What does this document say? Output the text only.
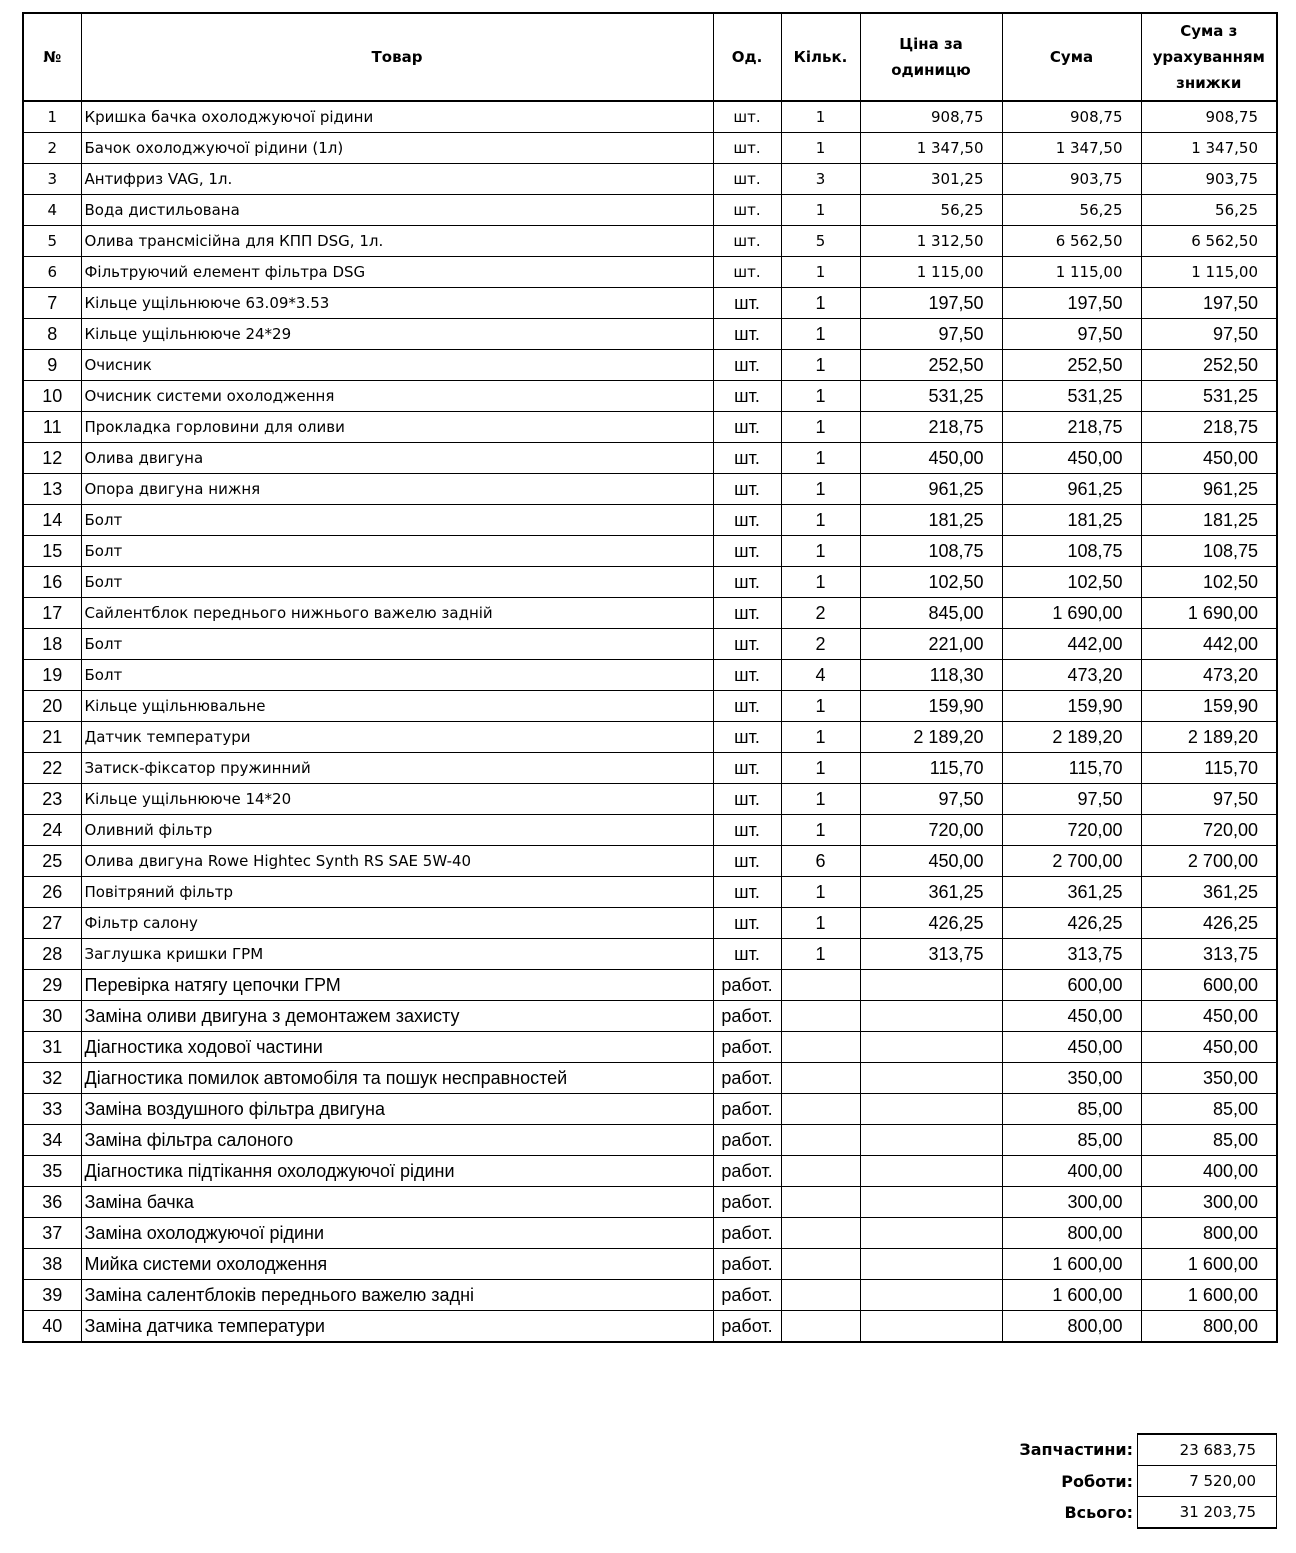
№	Товар	Од.	Кільк.	Ціна за одиницю	Сума	Сума з урахуванням знижки
1	Кришка бачка охолоджуючої рідини	шт.	1	908,75	908,75	908,75
2	Бачок охолоджуючої рідини (1л)	шт.	1	1 347,50	1 347,50	1 347,50
3	Антифриз VAG, 1л.	шт.	3	301,25	903,75	903,75
4	Вода дистильована	шт.	1	56,25	56,25	56,25
5	Олива трансмісійна для КПП DSG, 1л.	шт.	5	1 312,50	6 562,50	6 562,50
6	Фільтруючий елемент фільтра DSG	шт.	1	1 115,00	1 115,00	1 115,00
7	Кільце ущільнююче 63.09*3.53	шт.	1	197,50	197,50	197,50
8	Кільце ущільнююче 24*29	шт.	1	97,50	97,50	97,50
9	Очисник	шт.	1	252,50	252,50	252,50
10	Очисник системи охолодження	шт.	1	531,25	531,25	531,25
11	Прокладка горловини для оливи	шт.	1	218,75	218,75	218,75
12	Олива двигуна	шт.	1	450,00	450,00	450,00
13	Опора двигуна нижня	шт.	1	961,25	961,25	961,25
14	Болт	шт.	1	181,25	181,25	181,25
15	Болт	шт.	1	108,75	108,75	108,75
16	Болт	шт.	1	102,50	102,50	102,50
17	Сайлентблок переднього нижнього важелю задній	шт.	2	845,00	1 690,00	1 690,00
18	Болт	шт.	2	221,00	442,00	442,00
19	Болт	шт.	4	118,30	473,20	473,20
20	Кільце ущільнювальне	шт.	1	159,90	159,90	159,90
21	Датчик температури	шт.	1	2 189,20	2 189,20	2 189,20
22	Затиск-фіксатор пружинний	шт.	1	115,70	115,70	115,70
23	Кільце ущільнююче 14*20	шт.	1	97,50	97,50	97,50
24	Оливний фільтр	шт.	1	720,00	720,00	720,00
25	Олива двигуна Rowe Hightec Synth RS SAE 5W-40	шт.	6	450,00	2 700,00	2 700,00
26	Повітряний фільтр	шт.	1	361,25	361,25	361,25
27	Фільтр салону	шт.	1	426,25	426,25	426,25
28	Заглушка кришки ГРМ	шт.	1	313,75	313,75	313,75
29	Перевірка натягу цепочки ГРМ	работ.			600,00	600,00
30	Заміна оливи двигуна з демонтажем захисту	работ.			450,00	450,00
31	Діагностика ходової частини	работ.			450,00	450,00
32	Діагностика помилок автомобіля та пошук несправностей	работ.			350,00	350,00
33	Заміна воздушного фільтра двигуна	работ.			85,00	85,00
34	Заміна фільтра салоного	работ.			85,00	85,00
35	Діагностика підтікання охолоджуючої рідини	работ.			400,00	400,00
36	Заміна бачка	работ.			300,00	300,00
37	Заміна охолоджуючої рідини	работ.			800,00	800,00
38	Мийка системи охолодження	работ.			1 600,00	1 600,00
39	Заміна салентблоків переднього важелю задні	работ.			1 600,00	1 600,00
40	Заміна датчика температури	работ.			800,00	800,00
Запчастини:	23 683,75
Роботи:	7 520,00
Всього:	31 203,75
